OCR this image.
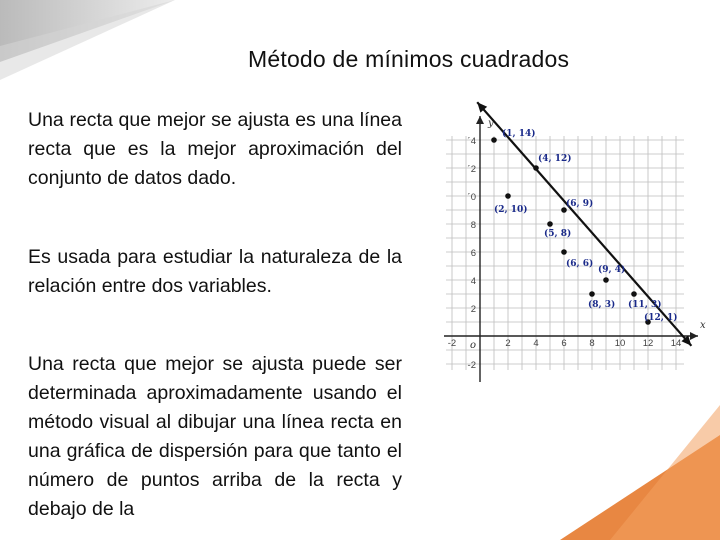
Método de mínimos cuadrados

Una recta que mejor se ajusta es una línea recta que es la mejor aproximación del conjunto de datos dado.

Es usada para estudiar la naturaleza de la relación entre dos variables.

Una recta que mejor se ajusta puede ser determinada aproximadamente usando el método visual al dibujar una línea recta en una gráfica de dispersión para que tanto el número de puntos arriba de la recta y debajo de la

x
y
o
-2	2 4 6 8 10 12 14
-2
2
4
6
8
´0
´2
´4
(1, 14)
(2, 10)
(4, 12)
(5, 8)
(6, 9)
(6, 6)
(8, 3)
(9, 4)
(11, 3)
(12, 1)
